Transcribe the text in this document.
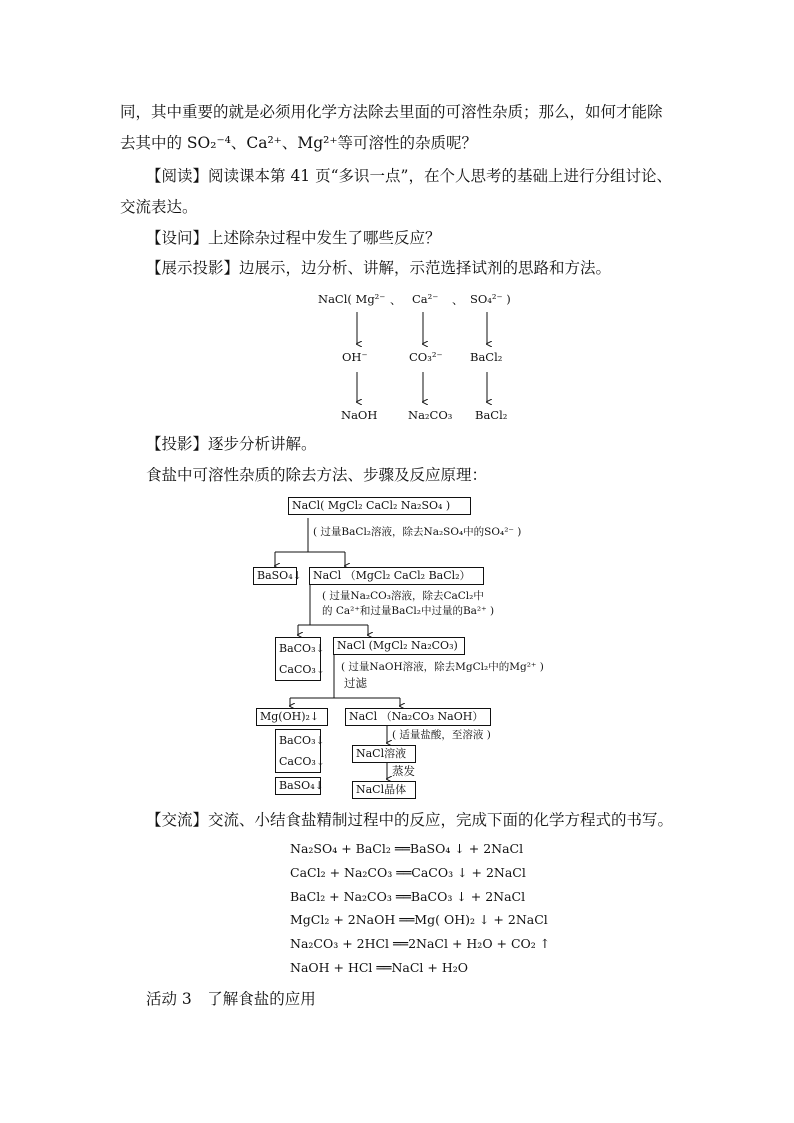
同，其中重要的就是必须用化学方法除去里面的可溶性杂质；那么，如何才能除
去其中的 SO₂⁻⁴、Ca²⁺、Mg²⁺等可溶性的杂质呢？
【阅读】阅读课本第 41 页“多识一点”，在个人思考的基础上进行分组讨论、
交流表达。
【设问】上述除杂过程中发生了哪些反应？
【展示投影】边展示，边分析、讲解，示范选择试剂的思路和方法。
NaCl( Mg²⁻ 、 Ca²⁻ 、 SO₄²⁻ )
OH⁻	CO₃²⁻ BaCl₂
NaOH	Na₂CO₃ BaCl₂
【投影】逐步分析讲解。
食盐中可溶性杂质的除去方法、步骤及反应原理：
NaCl( MgCl₂ CaCl₂ Na₂SO₄ )
( 过量BaCl₂溶液，除去Na₂SO₄中的SO₄²⁻ )
BaSO₄↓	NaCl （MgCl₂ CaCl₂ BaCl₂）
( 过量Na₂CO₃溶液，除去CaCl₂中
的 Ca²⁺和过量BaCl₂中过量的Ba²⁺ )
BaCO₃↓
CaCO₃↓
NaCl (MgCl₂ Na₂CO₃)
( 过量NaOH溶液，除去MgCl₂中的Mg²⁺ )
过滤
Mg(OH)₂↓	NaCl （Na₂CO₃ NaOH）
BaCO₃↓
CaCO₃↓
BaSO₄↓
( 适量盐酸，至溶液 )
NaCl溶液
蒸发
NaCl晶体
【交流】交流、小结食盐精制过程中的反应，完成下面的化学方程式的书写。
Na₂SO₄ + BaCl₂ ══BaSO₄ ↓ + 2NaCl
CaCl₂ + Na₂CO₃ ══CaCO₃ ↓ + 2NaCl
BaCl₂ + Na₂CO₃ ══BaCO₃ ↓ + 2NaCl
MgCl₂ + 2NaOH ══Mg( OH)₂ ↓ + 2NaCl
Na₂CO₃ + 2HCl ══2NaCl + H₂O + CO₂ ↑
NaOH + HCl ══NaCl + H₂O
活动 3　了解食盐的应用
